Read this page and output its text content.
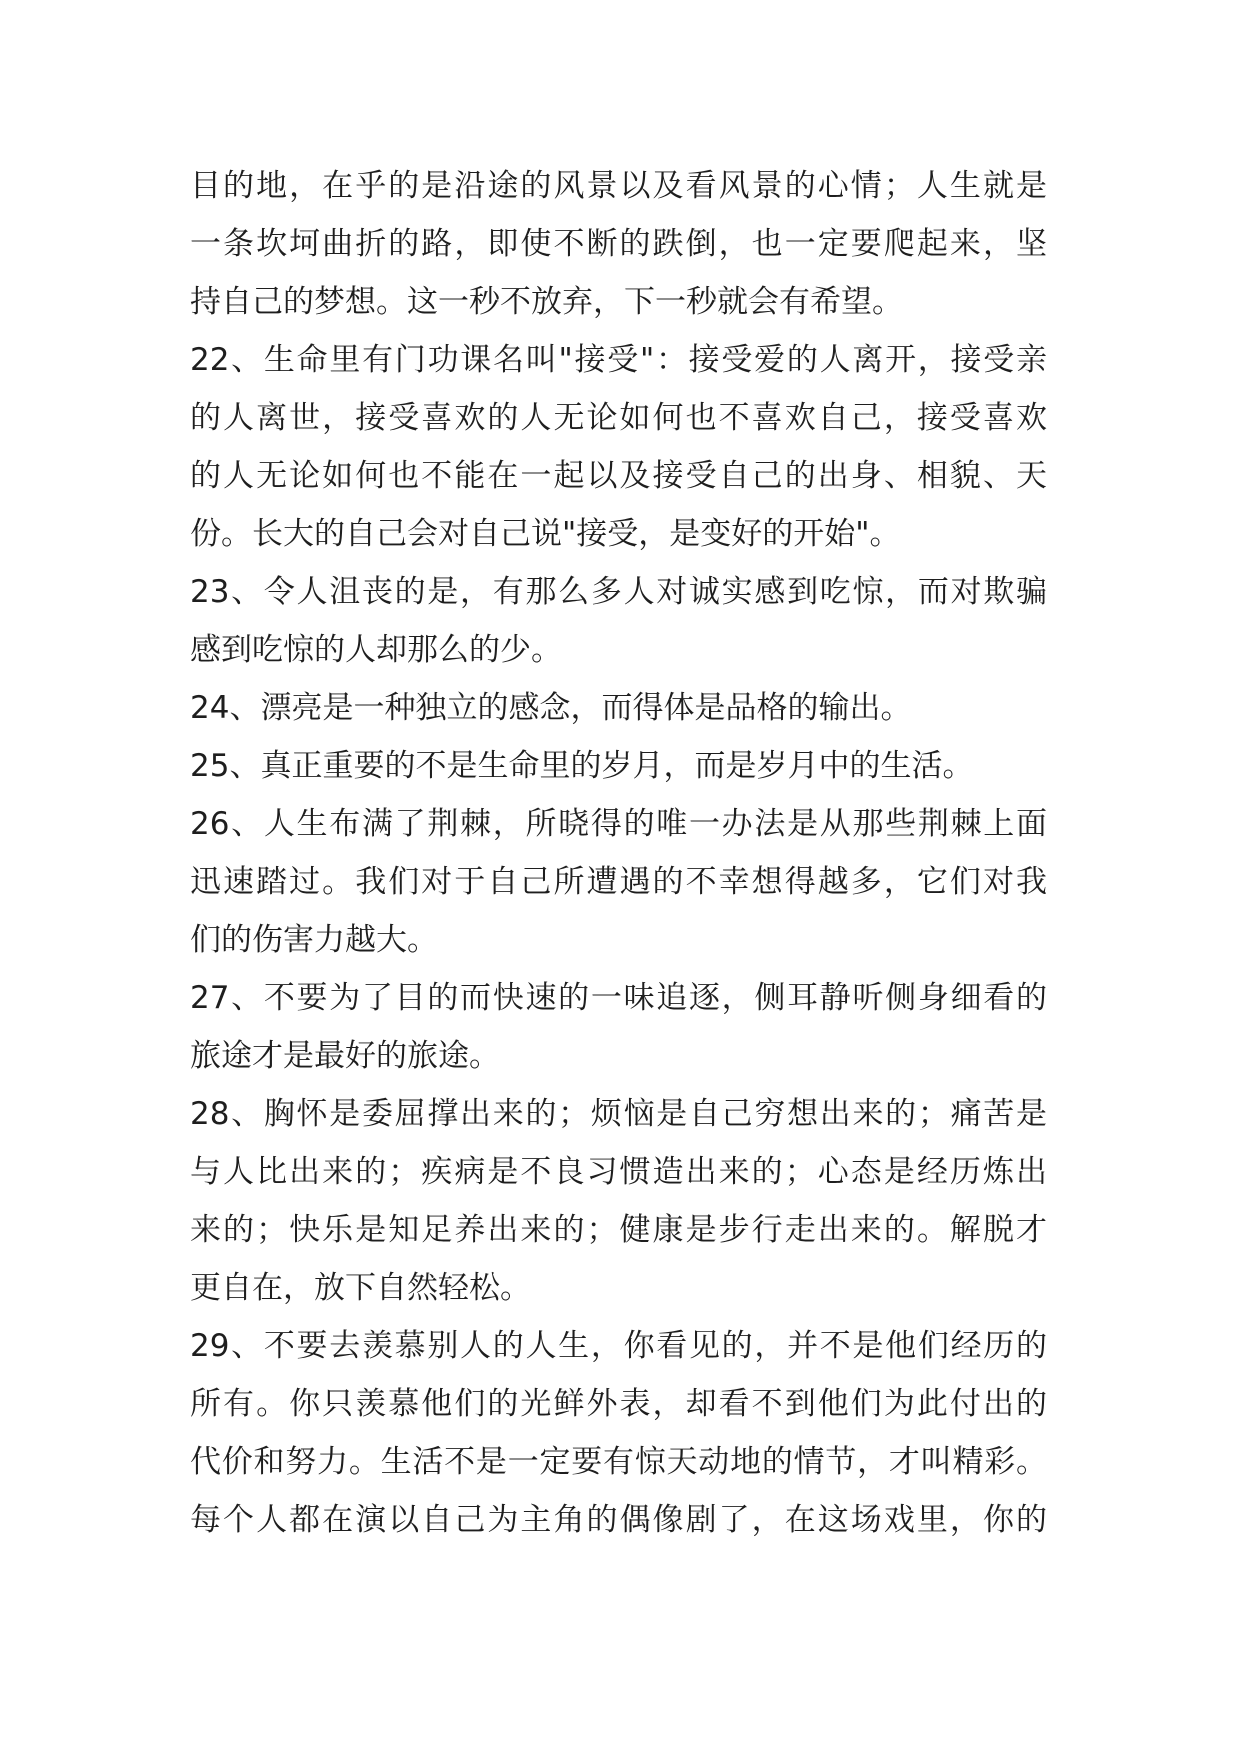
目的地，在乎的是沿途的风景以及看风景的心情；人生就是
一条坎坷曲折的路，即使不断的跌倒，也一定要爬起来，坚
持自己的梦想。这一秒不放弃，下一秒就会有希望。
22、生命里有门功课名叫"接受"：接受爱的人离开，接受亲
的人离世，接受喜欢的人无论如何也不喜欢自己，接受喜欢
的人无论如何也不能在一起以及接受自己的出身、相貌、天
份。长大的自己会对自己说"接受，是变好的开始"。
23、令人沮丧的是，有那么多人对诚实感到吃惊，而对欺骗
感到吃惊的人却那么的少。
24、漂亮是一种独立的感念，而得体是品格的输出。
25、真正重要的不是生命里的岁月，而是岁月中的生活。
26、人生布满了荆棘，所晓得的唯一办法是从那些荆棘上面
迅速踏过。我们对于自己所遭遇的不幸想得越多，它们对我
们的伤害力越大。
27、不要为了目的而快速的一味追逐，侧耳静听侧身细看的
旅途才是最好的旅途。
28、胸怀是委屈撑出来的；烦恼是自己穷想出来的；痛苦是
与人比出来的；疾病是不良习惯造出来的；心态是经历炼出
来的；快乐是知足养出来的；健康是步行走出来的。解脱才
更自在，放下自然轻松。
29、不要去羡慕别人的人生，你看见的，并不是他们经历的
所有。你只羡慕他们的光鲜外表，却看不到他们为此付出的
代价和努力。生活不是一定要有惊天动地的情节，才叫精彩。
每个人都在演以自己为主角的偶像剧了，在这场戏里，你的
